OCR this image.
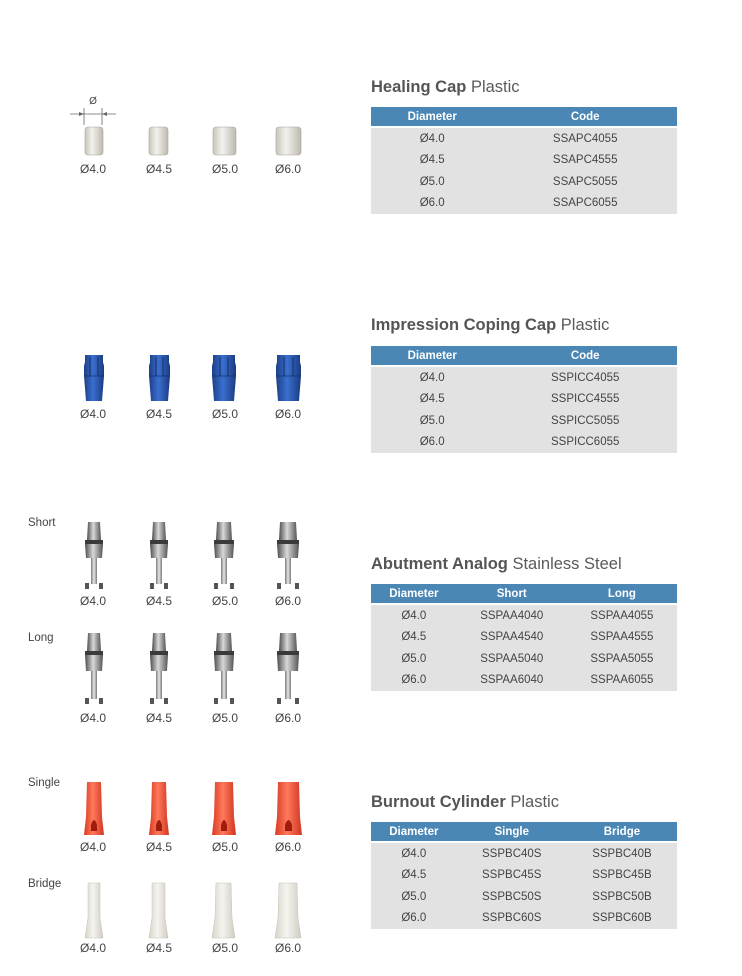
Ø
Ø4.0	Ø4.5	Ø5.0	Ø6.0
Healing Cap Plastic
Diameter	Code
Ø4.0	SSAPC4055
Ø4.5	SSAPC4555
Ø5.0	SSAPC5055
Ø6.0	SSAPC6055
Ø4.0	Ø4.5	Ø5.0	Ø6.0
Impression Coping Cap Plastic
Diameter	Code
Ø4.0	SSPICC4055
Ø4.5	SSPICC4555
Ø5.0	SSPICC5055
Ø6.0	SSPICC6055
Short
Long
Ø4.0	Ø4.5	Ø5.0	Ø6.0
Ø4.0	Ø4.5	Ø5.0	Ø6.0
Abutment Analog Stainless Steel
Diameter	Short	Long
Ø4.0	SSPAA4040	SSPAA4055
Ø4.5	SSPAA4540	SSPAA4555
Ø5.0	SSPAA5040	SSPAA5055
Ø6.0	SSPAA6040	SSPAA6055
Single
Bridge
Ø4.0	Ø4.5	Ø5.0	Ø6.0
Ø4.0	Ø4.5	Ø5.0	Ø6.0
Burnout Cylinder Plastic
Diameter	Single	Bridge
Ø4.0	SSPBC40S	SSPBC40B
Ø4.5	SSPBC45S	SSPBC45B
Ø5.0	SSPBC50S	SSPBC50B
Ø6.0	SSPBC60S	SSPBC60B
